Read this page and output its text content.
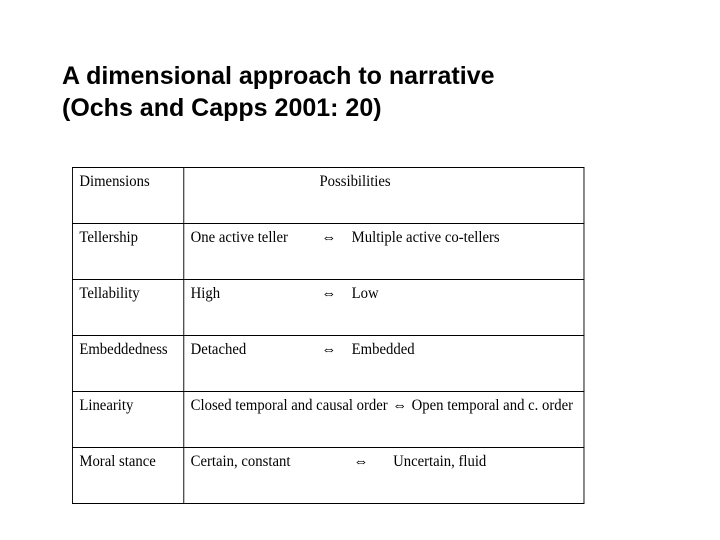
A dimensional approach to narrative
(Ochs and Capps 2001: 20)
Dimensions	Possibilities

Tellership	One active teller ⇔ Multiple active co-tellers

Tellability	High ⇔ Low

Embeddedness	Detached ⇔ Embedded

Linearity	Closed temporal and causal order ⇔ Open temporal and c. order

Moral stance	Certain, constant ⇔ Uncertain, fluid
